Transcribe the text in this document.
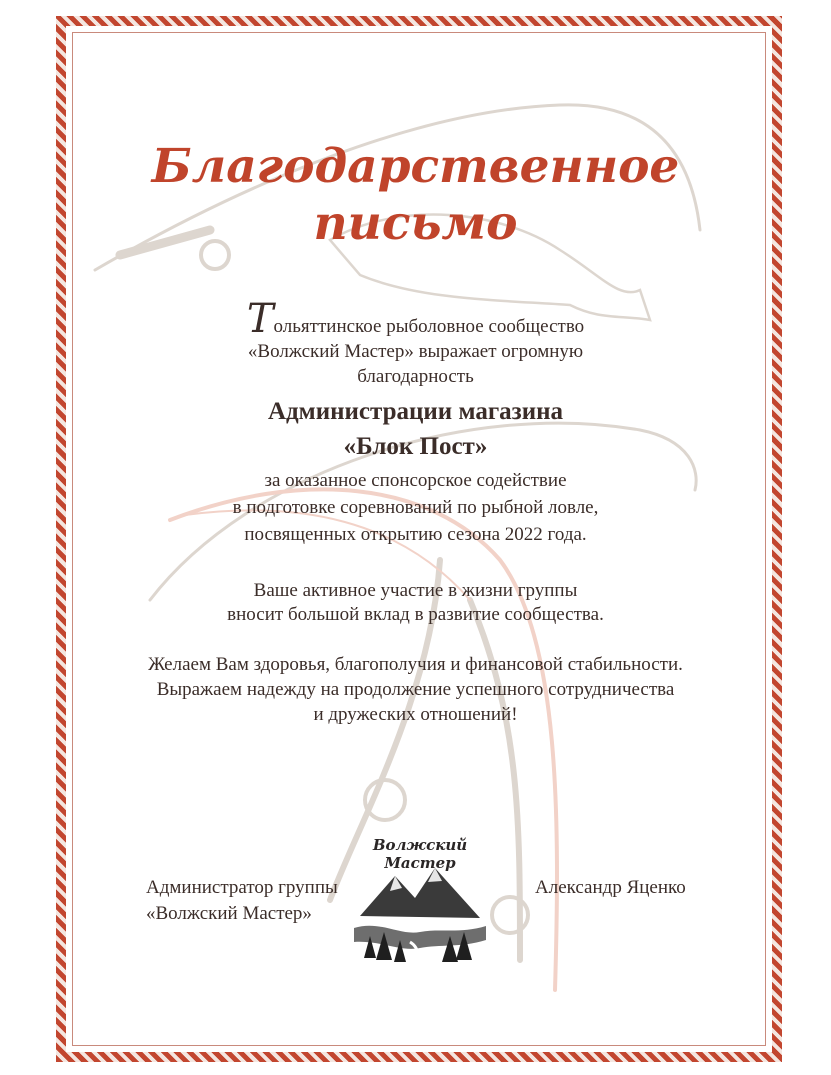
Благодарственное
письмо
Тольяттинское рыболовное сообщество
«Волжский Мастер» выражает огромную
благодарность
Администрации магазина
«Блок Пост»
за оказанное спонсорское содействие
в подготовке соревнований по рыбной ловле,
посвященных открытию сезона 2022 года.
Ваше активное участие в жизни группы
вносит большой вклад в развитие сообщества.
Желаем Вам здоровья, благополучия и финансовой стабильности.
Выражаем надежду на продолжение успешного сотрудничества
и дружеских отношений!
Администратор группы
«Волжский Мастер»
Александр Яценко
Волжский Мастер
